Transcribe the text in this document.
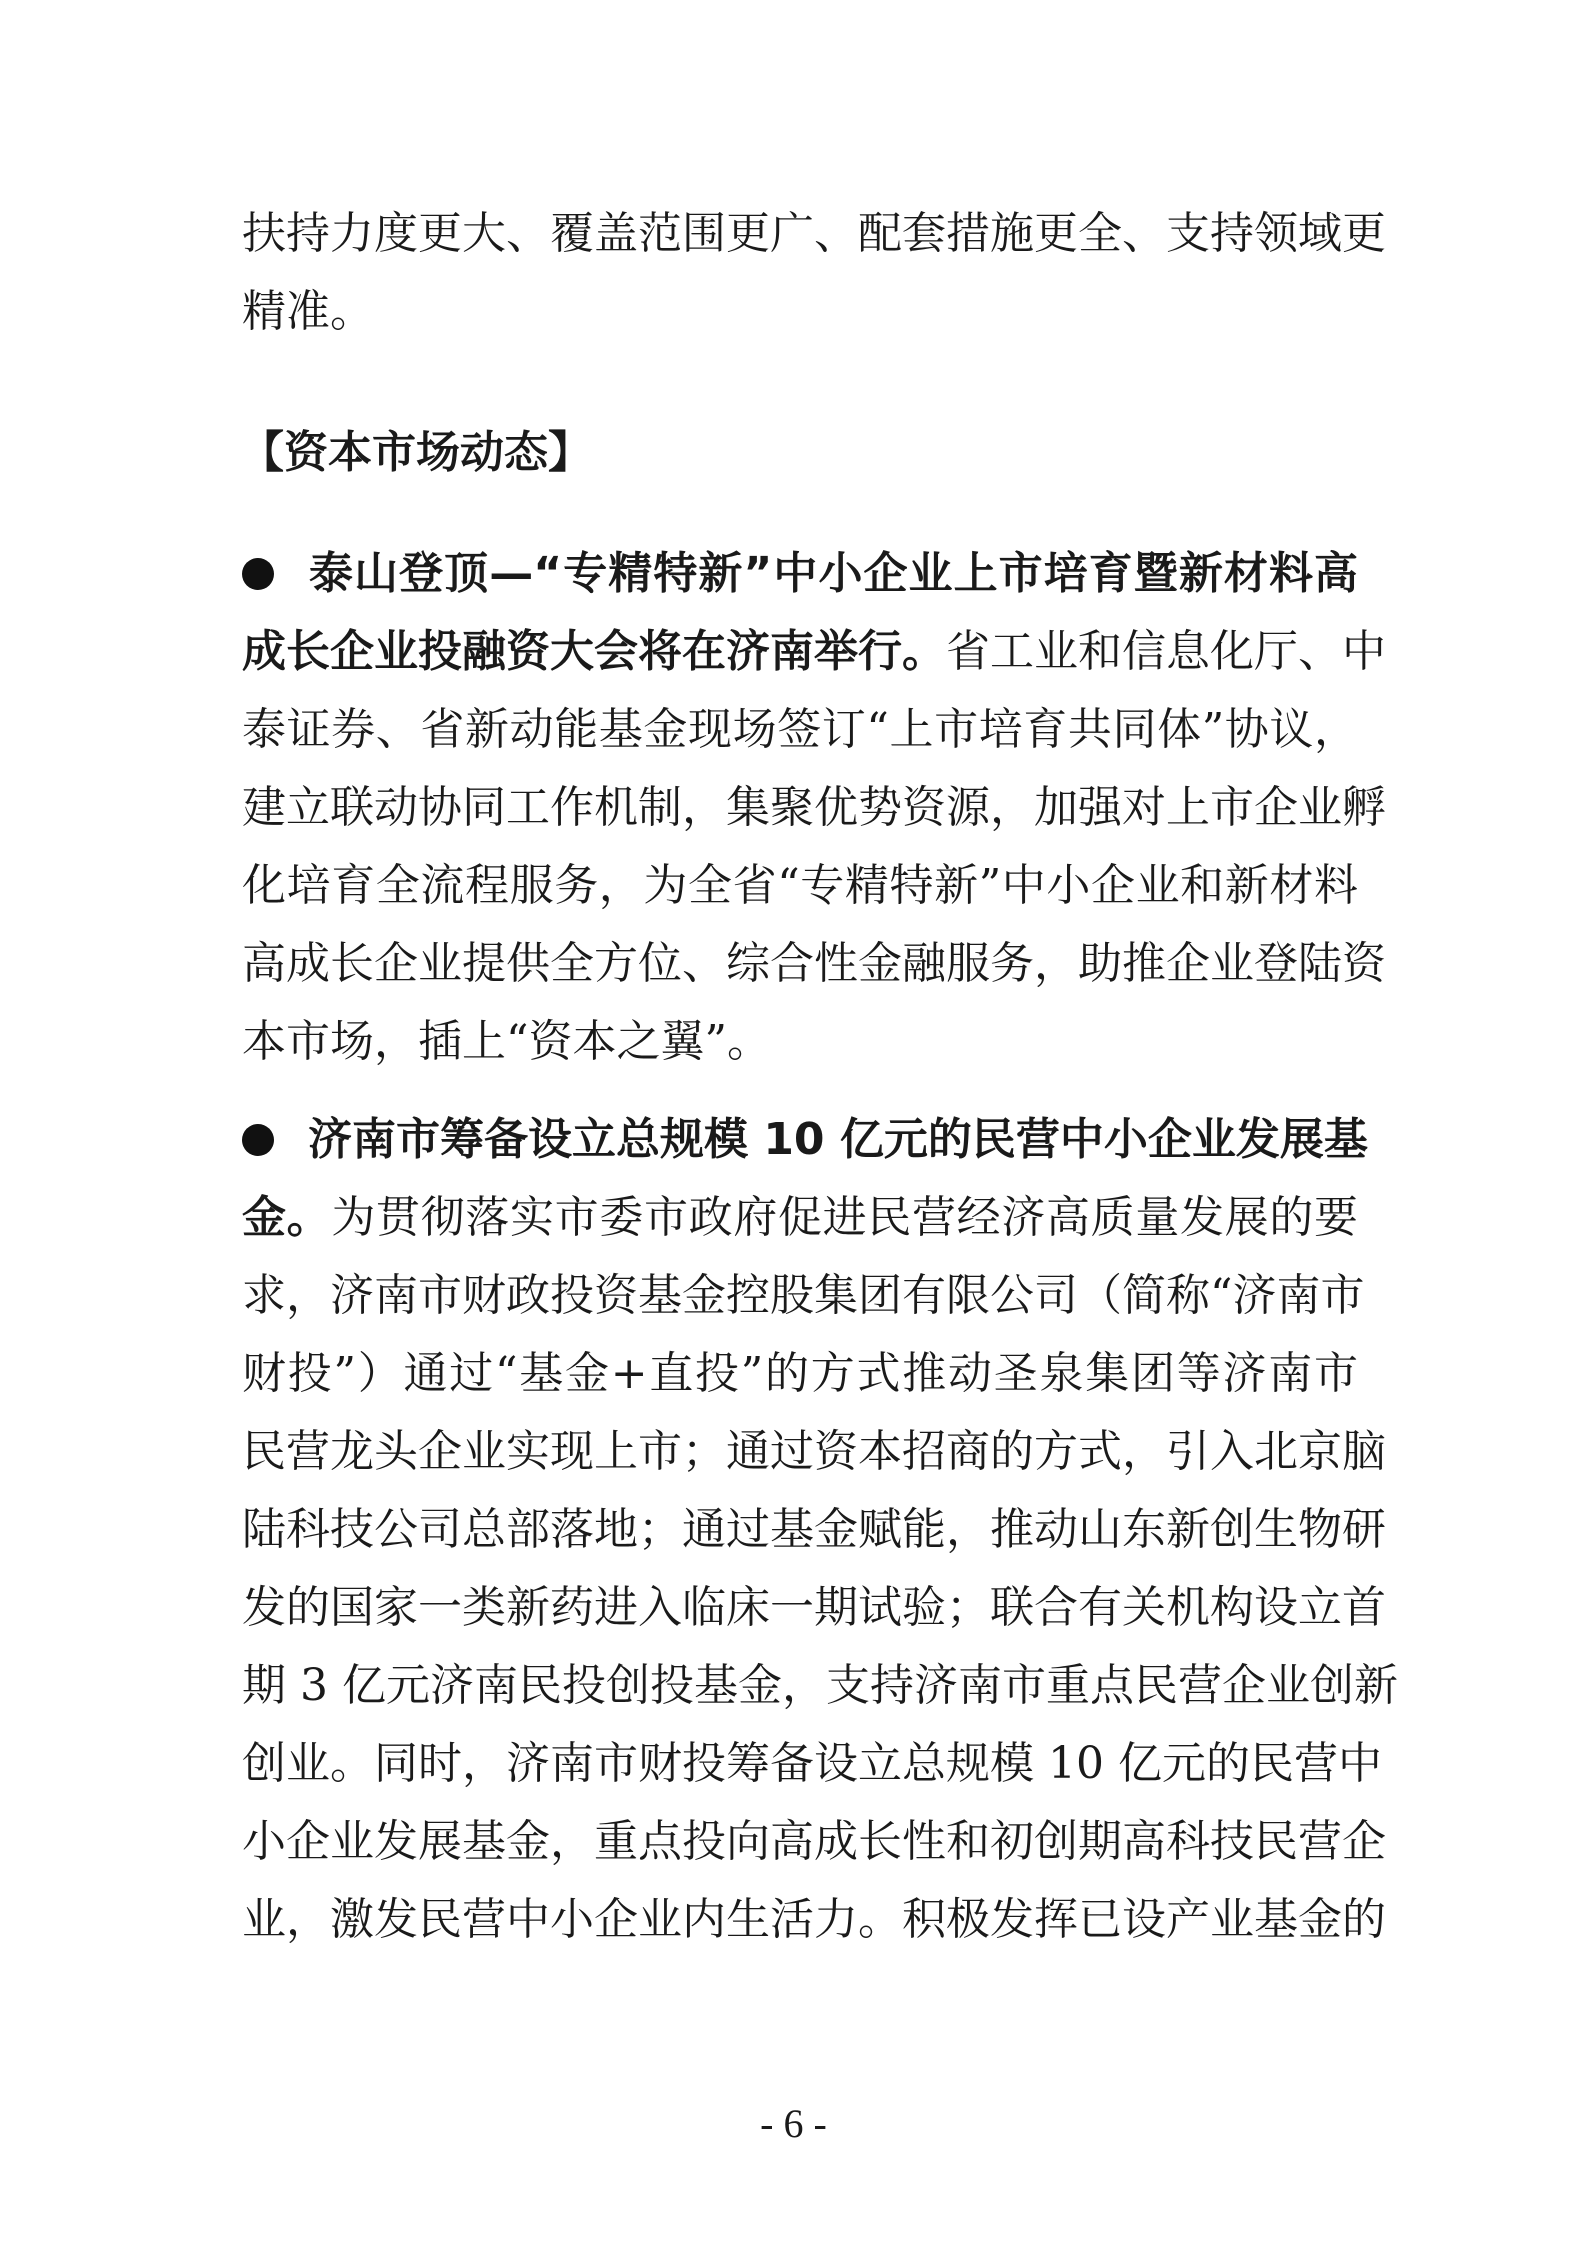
扶持力度更大、覆盖范围更广、配套措施更全、支持领域更
精准。
【资本市场动态】
泰山登顶—“专精特新”中小企业上市培育暨新材料高
成长企业投融资大会将在济南举行。省工业和信息化厅、中
泰证券、省新动能基金现场签订“上市培育共同体”协议，
建立联动协同工作机制，集聚优势资源，加强对上市企业孵
化培育全流程服务，为全省“专精特新”中小企业和新材料
高成长企业提供全方位、综合性金融服务，助推企业登陆资
本市场，插上“资本之翼”。
济南市筹备设立总规模 10 亿元的民营中小企业发展基
金。为贯彻落实市委市政府促进民营经济高质量发展的要
求，济南市财政投资基金控股集团有限公司（简称“济南市
财投”）通过“基金+直投”的方式推动圣泉集团等济南市
民营龙头企业实现上市；通过资本招商的方式，引入北京脑
陆科技公司总部落地；通过基金赋能，推动山东新创生物研
发的国家一类新药进入临床一期试验；联合有关机构设立首
期 3 亿元济南民投创投基金，支持济南市重点民营企业创新
创业。同时，济南市财投筹备设立总规模 10 亿元的民营中
小企业发展基金，重点投向高成长性和初创期高科技民营企
业，激发民营中小企业内生活力。积极发挥已设产业基金的
- 6 -
